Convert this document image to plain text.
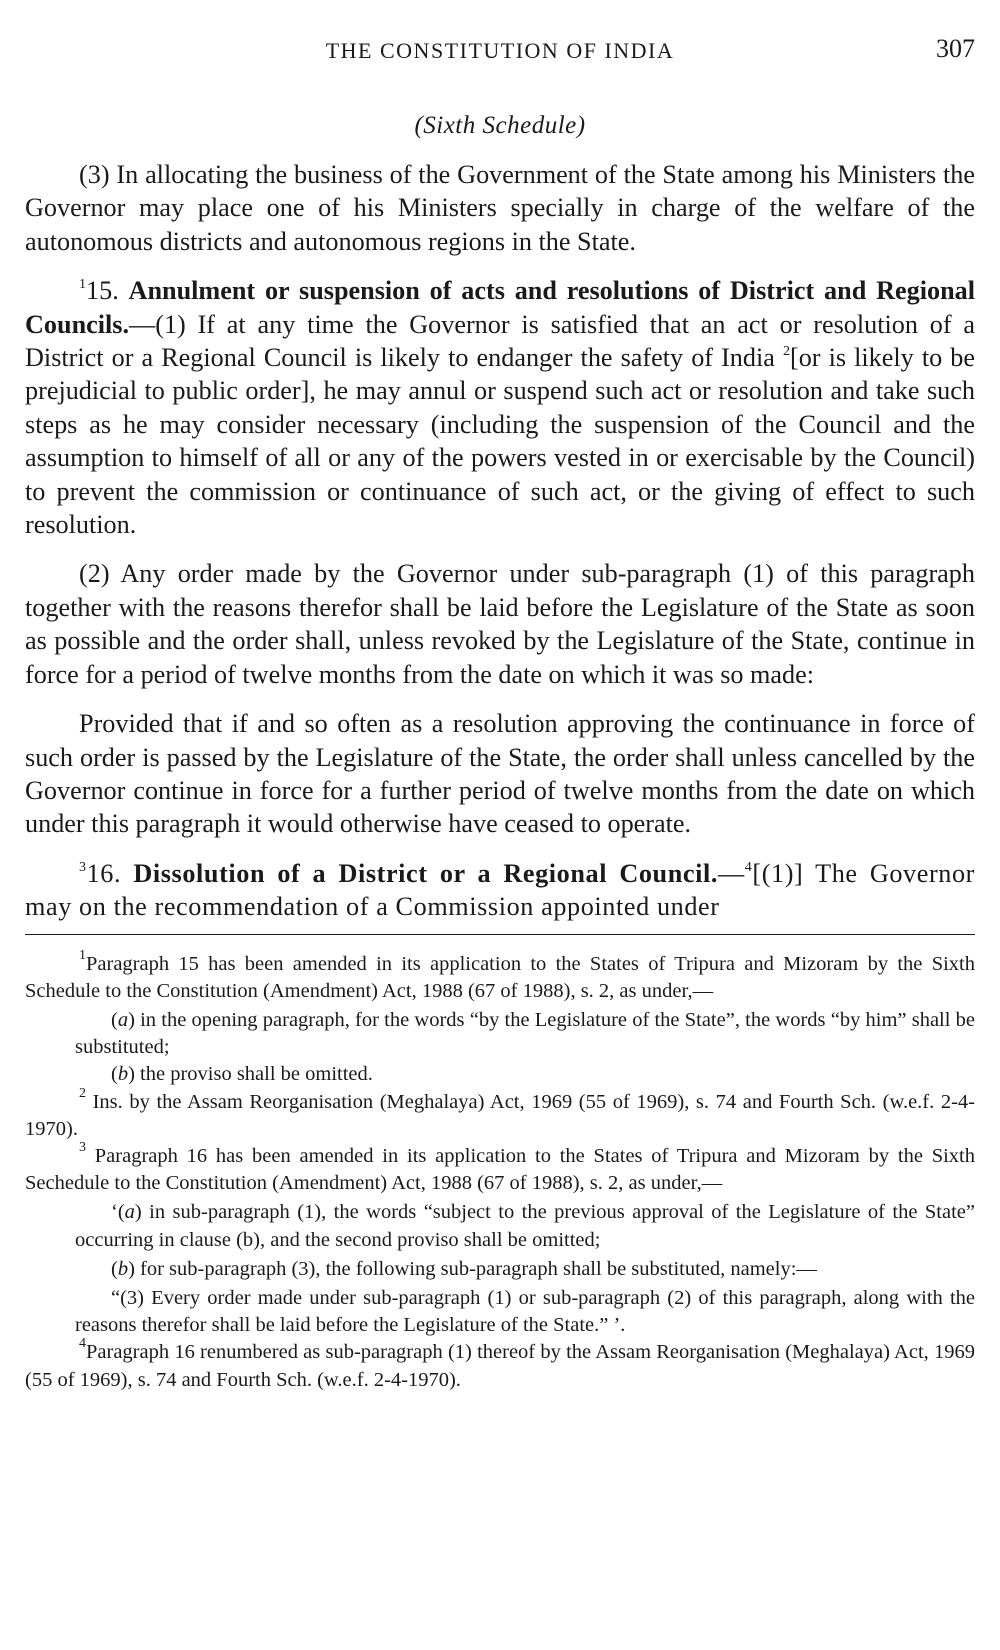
THE CONSTITUTION OF INDIA	307
(Sixth Schedule)

(3) In allocating the business of the Government of the State among his Ministers the Governor may place one of his Ministers specially in charge of the welfare of the autonomous districts and autonomous regions in the State.

$^1$15. Annulment or suspension of acts and resolutions of District and Regional Councils.—(1) If at any time the Governor is satisfied that an act or resolution of a District or a Regional Council is likely to endanger the safety of India $^2$[or is likely to be prejudicial to public order], he may annul or suspend such act or resolution and take such steps as he may consider necessary (including the suspension of the Council and the assumption to himself of all or any of the powers vested in or exercisable by the Council) to prevent the commission or continuance of such act, or the giving of effect to such resolution.

(2) Any order made by the Governor under sub-paragraph (1) of this paragraph together with the reasons therefor shall be laid before the Legislature of the State as soon as possible and the order shall, unless revoked by the Legislature of the State, continue in force for a period of twelve months from the date on which it was so made:

Provided that if and so often as a resolution approving the continuance in force of such order is passed by the Legislature of the State, the order shall unless cancelled by the Governor continue in force for a further period of twelve months from the date on which under this paragraph it would otherwise have ceased to operate.

$^3$16. Dissolution of a District or a Regional Council.—$^4$[(1)] The Governor may on the recommendation of a Commission appointed under

$^1$Paragraph 15 has been amended in its application to the States of Tripura and Mizoram by the Sixth Schedule to the Constitution (Amendment) Act, 1988 (67 of 1988), s. 2, as under,—

(a) in the opening paragraph, for the words “by the Legislature of the State”, the words “by him” shall be substituted;

(b) the proviso shall be omitted.

$^2$ Ins. by the Assam Reorganisation (Meghalaya) Act, 1969 (55 of 1969), s. 74 and Fourth Sch. (w.e.f. 2-4-1970).

$^3$ Paragraph 16 has been amended in its application to the States of Tripura and Mizoram by the Sixth Sechedule to the Constitution (Amendment) Act, 1988 (67 of 1988), s. 2, as under,—

‘(a) in sub-paragraph (1), the words “subject to the previous approval of the Legislature of the State” occurring in clause (b), and the second proviso shall be omitted;

(b) for sub-paragraph (3), the following sub-paragraph shall be substituted, namely:—

“(3) Every order made under sub-paragraph (1) or sub-paragraph (2) of this paragraph, along with the reasons therefor shall be laid before the Legislature of the State.” ’.

$^4$Paragraph 16 renumbered as sub-paragraph (1) thereof by the Assam Reorganisation (Meghalaya) Act, 1969 (55 of 1969), s. 74 and Fourth Sch. (w.e.f. 2-4-1970).
